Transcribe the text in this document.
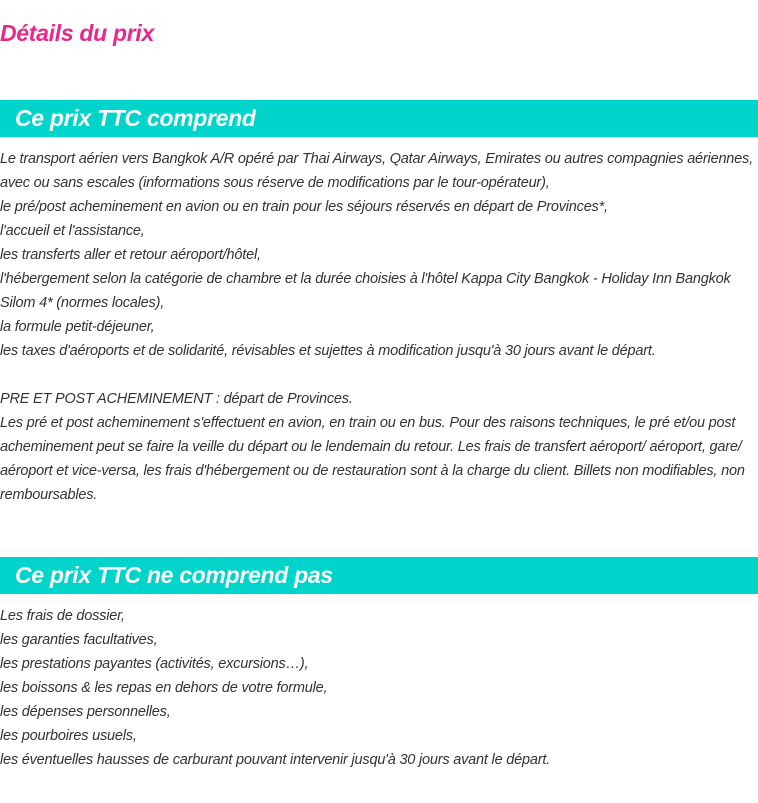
Détails du prix
Ce prix TTC comprend

Le transport aérien vers Bangkok A/R opéré par Thai Airways, Qatar Airways, Emirates ou autres compagnies aériennes, avec ou sans escales (informations sous réserve de modifications par le tour-opérateur),

le pré/post acheminement en avion ou en train pour les séjours réservés en départ de Provinces*,

l'accueil et l'assistance,

les transferts aller et retour aéroport/hôtel,

l'hébergement selon la catégorie de chambre et la durée choisies à l'hôtel Kappa City Bangkok - Holiday Inn Bangkok Silom 4* (normes locales),

la formule petit-déjeuner,

les taxes d'aéroports et de solidarité, révisables et sujettes à modification jusqu'à 30 jours avant le départ.

PRE ET POST ACHEMINEMENT : départ de Provinces.

Les pré et post acheminement s'effectuent en avion, en train ou en bus. Pour des raisons techniques, le pré et/ou post acheminement peut se faire la veille du départ ou le lendemain du retour. Les frais de transfert aéroport/ aéroport, gare/ aéroport et vice-versa, les frais d'hébergement ou de restauration sont à la charge du client. Billets non modifiables, non remboursables.

Ce prix TTC ne comprend pas

Les frais de dossier,

les garanties facultatives,

les prestations payantes (activités, excursions…),

les boissons & les repas en dehors de votre formule,

les dépenses personnelles,

les pourboires usuels,

les éventuelles hausses de carburant pouvant intervenir jusqu'à 30 jours avant le départ.
